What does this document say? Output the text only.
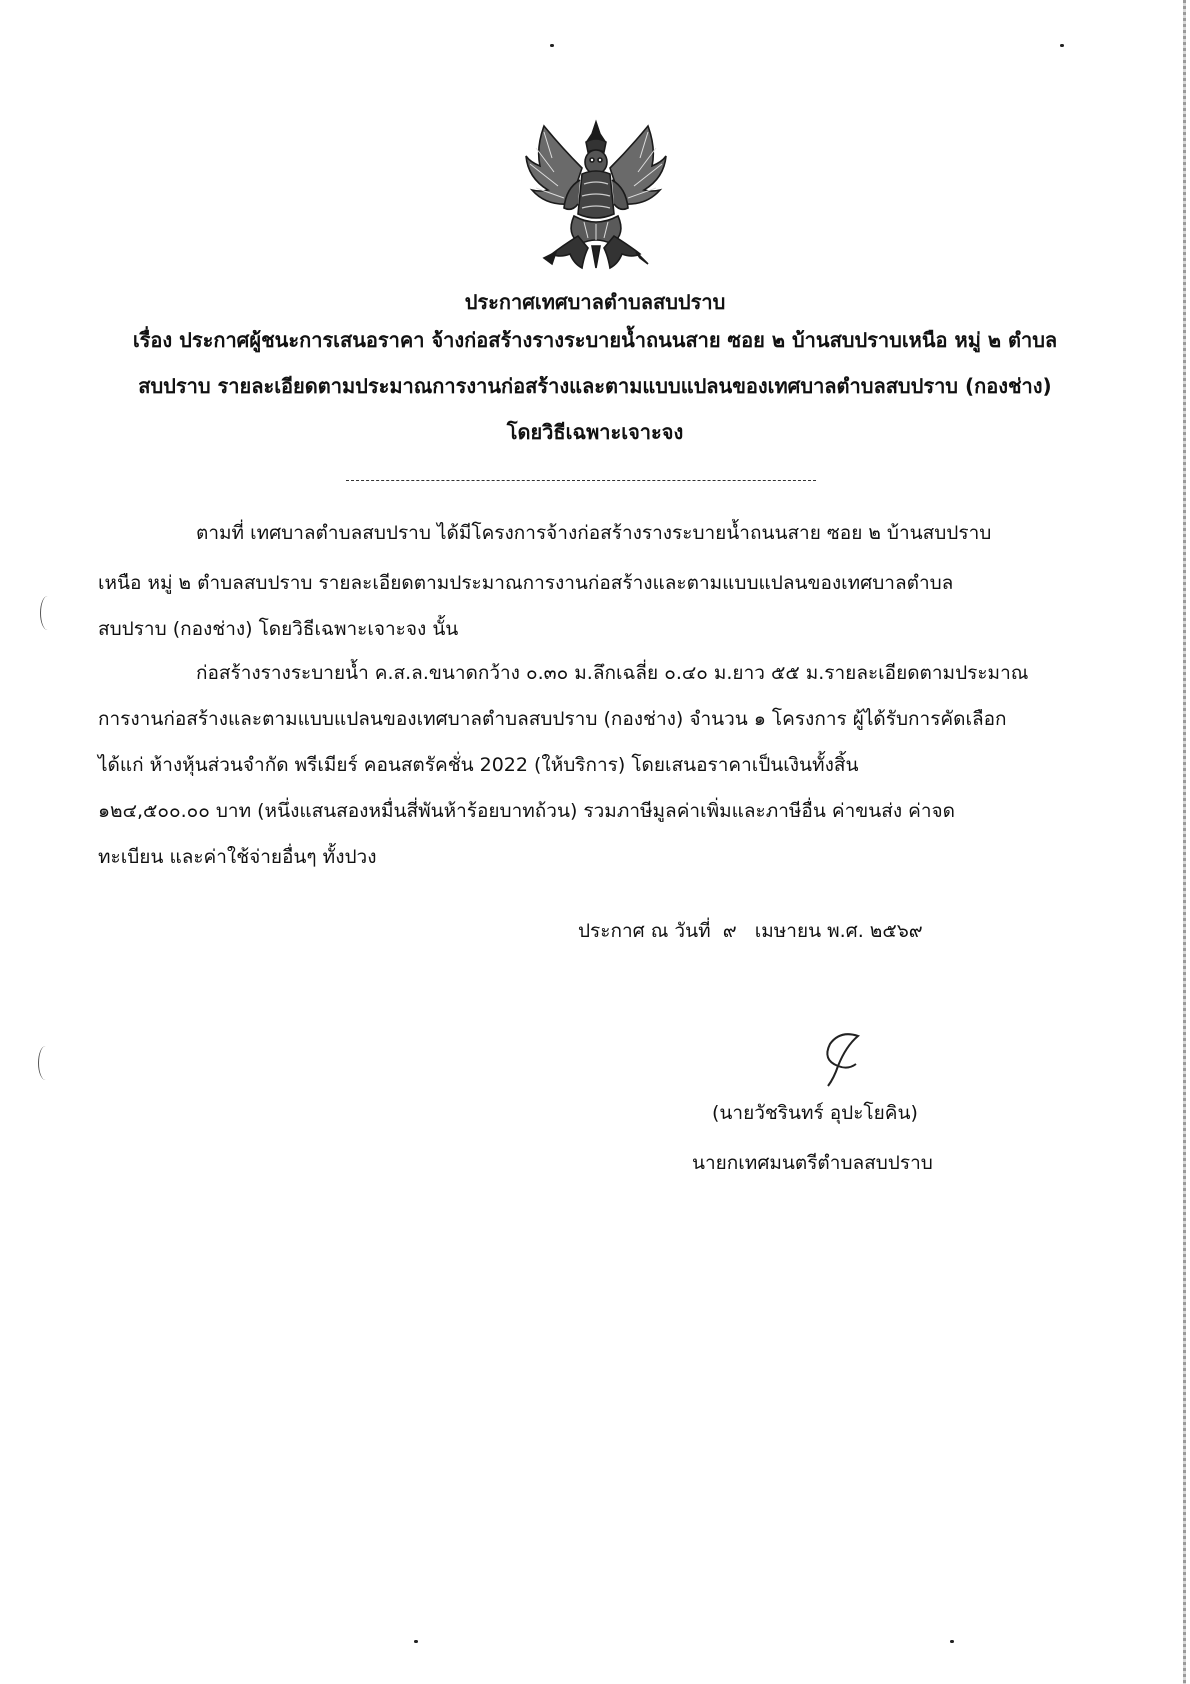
ประกาศเทศบาลตำบลสบปราบ
เรื่อง ประกาศผู้ชนะการเสนอราคา จ้างก่อสร้างรางระบายน้ำถนนสาย ซอย ๒ บ้านสบปราบเหนือ หมู่ ๒ ตำบล
สบปราบ รายละเอียดตามประมาณการงานก่อสร้างและตามแบบแปลนของเทศบาลตำบลสบปราบ (กองช่าง)
โดยวิธีเฉพาะเจาะจง
ตามที่ เทศบาลตำบลสบปราบ ได้มีโครงการจ้างก่อสร้างรางระบายน้ำถนนสาย ซอย ๒ บ้านสบปราบ
เหนือ หมู่ ๒ ตำบลสบปราบ รายละเอียดตามประมาณการงานก่อสร้างและตามแบบแปลนของเทศบาลตำบล
สบปราบ (กองช่าง) โดยวิธีเฉพาะเจาะจง นั้น
ก่อสร้างรางระบายน้ำ ค.ส.ล.ขนาดกว้าง ๐.๓๐ ม.ลึกเฉลี่ย ๐.๔๐ ม.ยาว ๕๕ ม.รายละเอียดตามประมาณ
การงานก่อสร้างและตามแบบแปลนของเทศบาลตำบลสบปราบ (กองช่าง) จำนวน ๑ โครงการ ผู้ได้รับการคัดเลือก
ได้แก่ ห้างหุ้นส่วนจำกัด พรีเมียร์ คอนสตรัคชั่น 2022 (ให้บริการ) โดยเสนอราคาเป็นเงินทั้งสิ้น
๑๒๔,๕๐๐.๐๐ บาท (หนึ่งแสนสองหมื่นสี่พันห้าร้อยบาทถ้วน) รวมภาษีมูลค่าเพิ่มและภาษีอื่น ค่าขนส่ง ค่าจด
ทะเบียน และค่าใช้จ่ายอื่นๆ ทั้งปวง
ประกาศ ณ วันที่ ๙ เมษายน พ.ศ. ๒๕๖๙
(นายวัชรินทร์ อุปะโยคิน)
นายกเทศมนตรีตำบลสบปราบ
